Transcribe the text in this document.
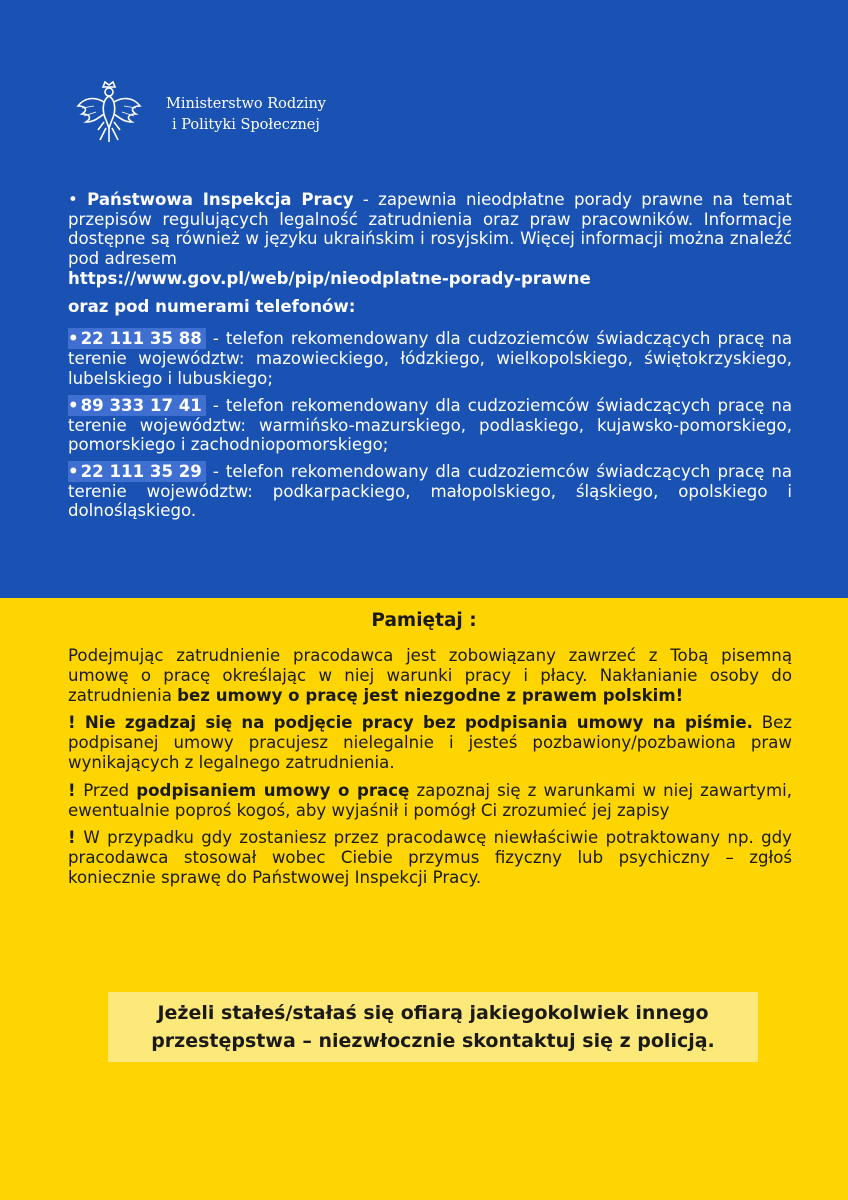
Ministerstwo Rodziny
i Polityki Społecznej

• Państwowa Inspekcja Pracy - zapewnia nieodpłatne porady prawne na temat przepisów regulujących legalność zatrudnienia oraz praw pracowników. Informacje dostępne są również w języku ukraińskim i rosyjskim. Więcej informacji można znaleźć pod adresem

https://www.gov.pl/web/pip/nieodplatne-porady-prawne

oraz pod numerami telefonów:

• 22 111 35 88 - telefon rekomendowany dla cudzoziemców świadczących pracę na terenie województw: mazowieckiego, łódzkiego, wielkopolskiego, świętokrzyskiego, lubelskiego i lubuskiego;

• 89 333 17 41 - telefon rekomendowany dla cudzoziemców świadczących pracę na terenie województw: warmińsko-mazurskiego, podlaskiego, kujawsko-pomorskiego, pomorskiego i zachodniopomorskiego;

• 22 111 35 29 - telefon rekomendowany dla cudzoziemców świadczących pracę na terenie województw: podkarpackiego, małopolskiego, śląskiego, opolskiego i dolnośląskiego.

Pamiętaj :

Podejmując zatrudnienie pracodawca jest zobowiązany zawrzeć z Tobą pisemną umowę o pracę określając w niej warunki pracy i płacy. Nakłanianie osoby do zatrudnienia bez umowy o pracę jest niezgodne z prawem polskim!

! Nie zgadzaj się na podjęcie pracy bez podpisania umowy na piśmie. Bez podpisanej umowy pracujesz nielegalnie i jesteś pozbawiony/pozbawiona praw wynikających z legalnego zatrudnienia.

! Przed podpisaniem umowy o pracę zapoznaj się z warunkami w niej zawartymi, ewentualnie poproś kogoś, aby wyjaśnił i pomógł Ci zrozumieć jej zapisy

! W przypadku gdy zostaniesz przez pracodawcę niewłaściwie potraktowany np. gdy pracodawca stosował wobec Ciebie przymus fizyczny lub psychiczny – zgłoś koniecznie sprawę do Państwowej Inspekcji Pracy.

Jeżeli stałeś/stałaś się ofiarą jakiegokolwiek innego
przestępstwa – niezwłocznie skontaktuj się z policją.
